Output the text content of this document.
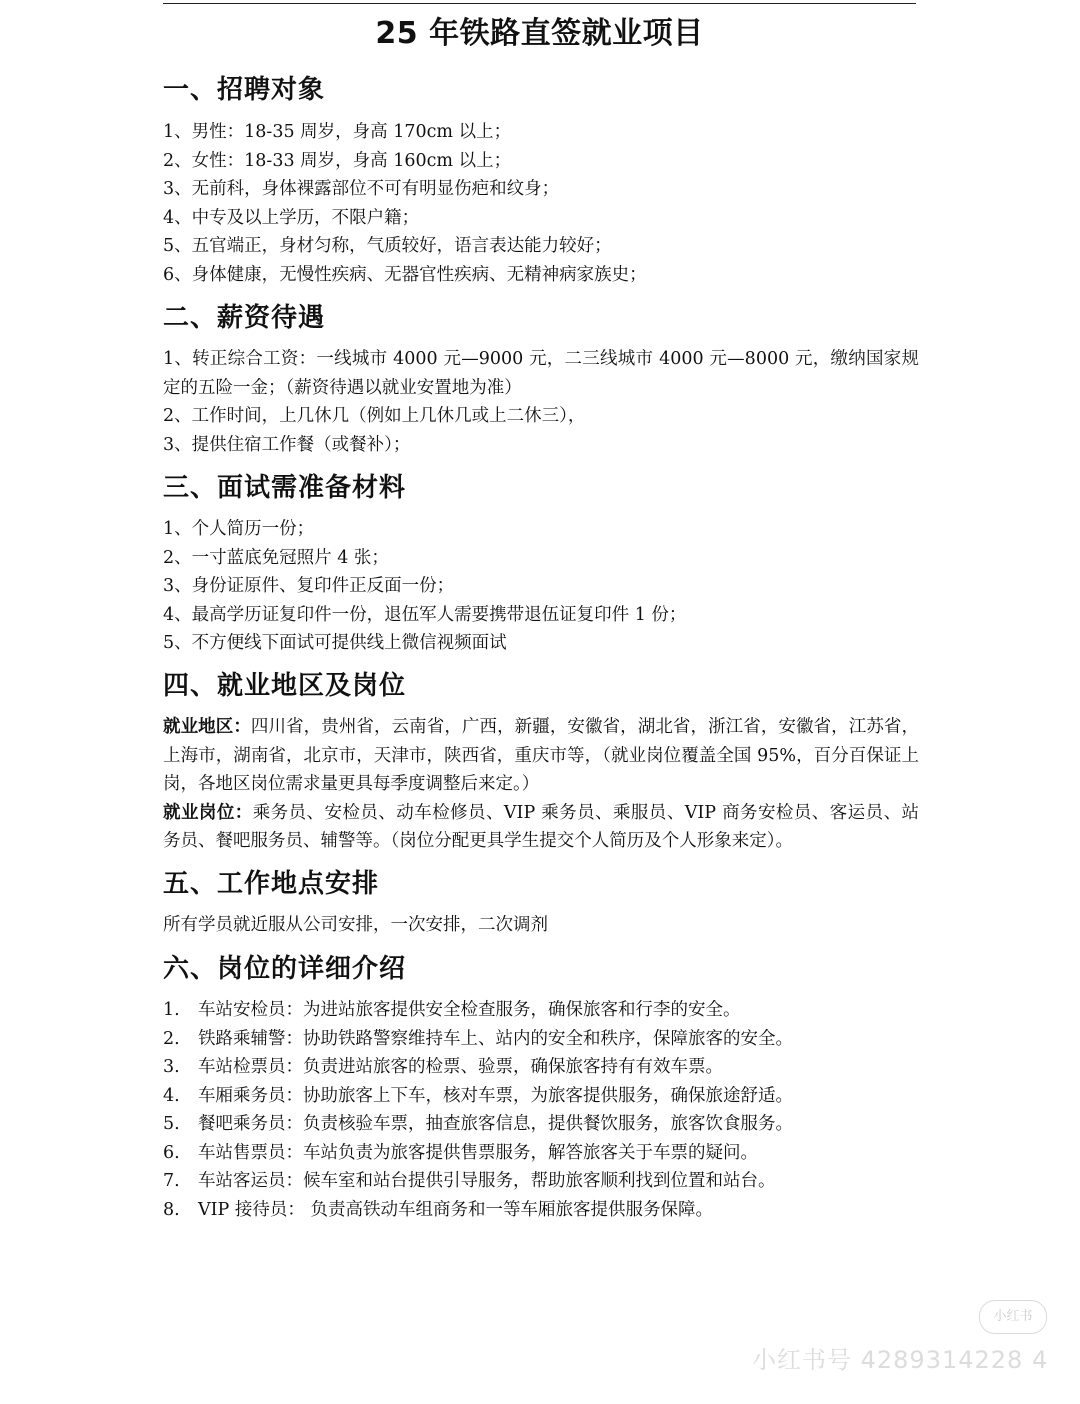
25 年铁路直签就业项目
一、招聘对象
1、男性：18-35 周岁，身高 170cm 以上；
2、女性：18-33 周岁，身高 160cm 以上；
3、无前科，身体裸露部位不可有明显伤疤和纹身；
4、中专及以上学历，不限户籍；
5、五官端正，身材匀称，气质较好，语言表达能力较好；
6、身体健康，无慢性疾病、无器官性疾病、无精神病家族史；
二、薪资待遇
1、转正综合工资：一线城市 4000 元—9000 元，二三线城市 4000 元—8000 元，缴纳国家规定的五险一金；（薪资待遇以就业安置地为准）
2、工作时间，上几休几（例如上几休几或上二休三），
3、提供住宿工作餐（或餐补）；
三、面试需准备材料
1、个人简历一份；
2、一寸蓝底免冠照片 4 张；
3、身份证原件、复印件正反面一份；
4、最高学历证复印件一份，退伍军人需要携带退伍证复印件 1 份；
5、不方便线下面试可提供线上微信视频面试
四、就业地区及岗位
就业地区：四川省，贵州省，云南省，广西，新疆，安徽省，湖北省，浙江省，安徽省，江苏省，上海市，湖南省，北京市，天津市，陕西省，重庆市等，（就业岗位覆盖全国 95%，百分百保证上岗，各地区岗位需求量更具每季度调整后来定。）
就业岗位：乘务员、安检员、动车检修员、VIP 乘务员、乘服员、VIP 商务安检员、客运员、站务员、餐吧服务员、辅警等。（岗位分配更具学生提交个人简历及个人形象来定）。
五、工作地点安排
所有学员就近服从公司安排，一次安排，二次调剂
六、岗位的详细介绍
1.	车站安检员：为进站旅客提供安全检查服务，确保旅客和行李的安全。
2.	铁路乘辅警：协助铁路警察维持车上、站内的安全和秩序，保障旅客的安全。
3.	车站检票员：负责进站旅客的检票、验票，确保旅客持有有效车票。
4.	车厢乘务员：协助旅客上下车，核对车票，为旅客提供服务，确保旅途舒适。
5.	餐吧乘务员：负责核验车票，抽查旅客信息，提供餐饮服务，旅客饮食服务。
6.	车站售票员：车站负责为旅客提供售票服务，解答旅客关于车票的疑问。
7.	车站客运员：候车室和站台提供引导服务，帮助旅客顺利找到位置和站台。
8.	VIP 接待员： 负责高铁动车组商务和一等车厢旅客提供服务保障。
小红书
小红书号 4289314228 4
